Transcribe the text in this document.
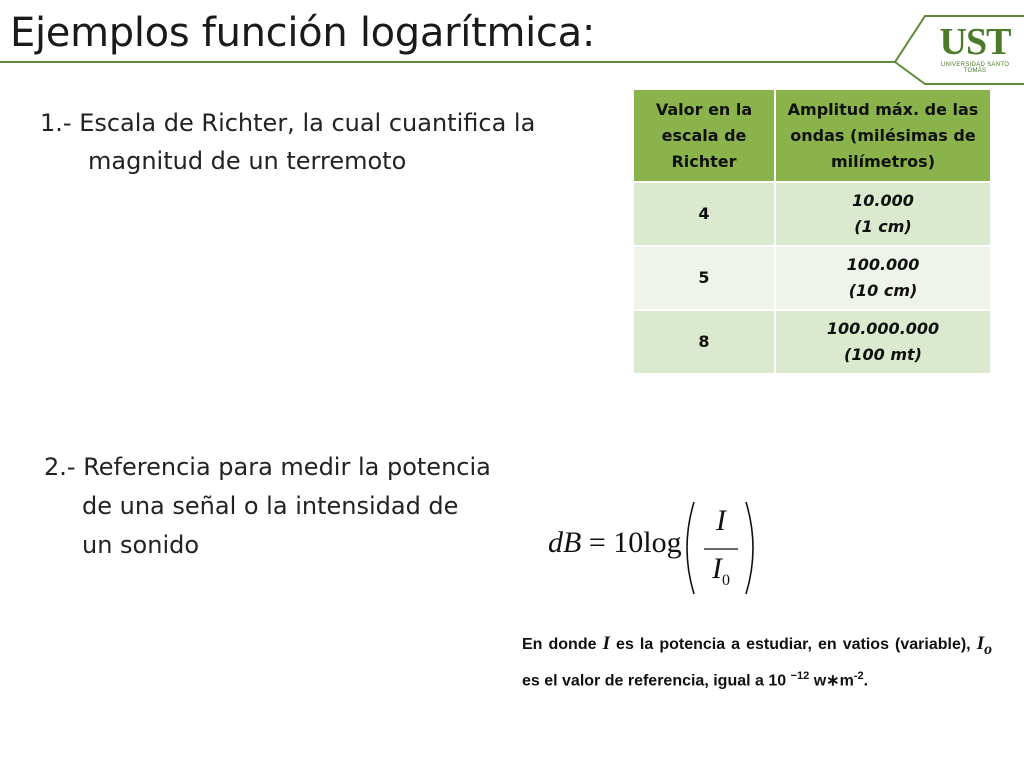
Ejemplos función logarítmica:	UST
UNIVERSIDAD SANTO TOMÁS
1.- Escala de Richter, la cual cuantifica la
magnitud de un terremoto
Valor en la escala de Richter	Amplitud máx. de las ondas (milésimas de milímetros)
4	10.000
(1 cm)

5	100.000
(10 cm)

8	100.000.000
(100 mt)
2.- Referencia para medir la potencia
de una señal o la intensidad de
un sonido	dB = 10log
I
$I_0$
En donde I es la potencia a estudiar, en vatios (variable), $I_o$ es el valor de referencia, igual a 10 $^{-12}$ $w∗m^{-2}$.
